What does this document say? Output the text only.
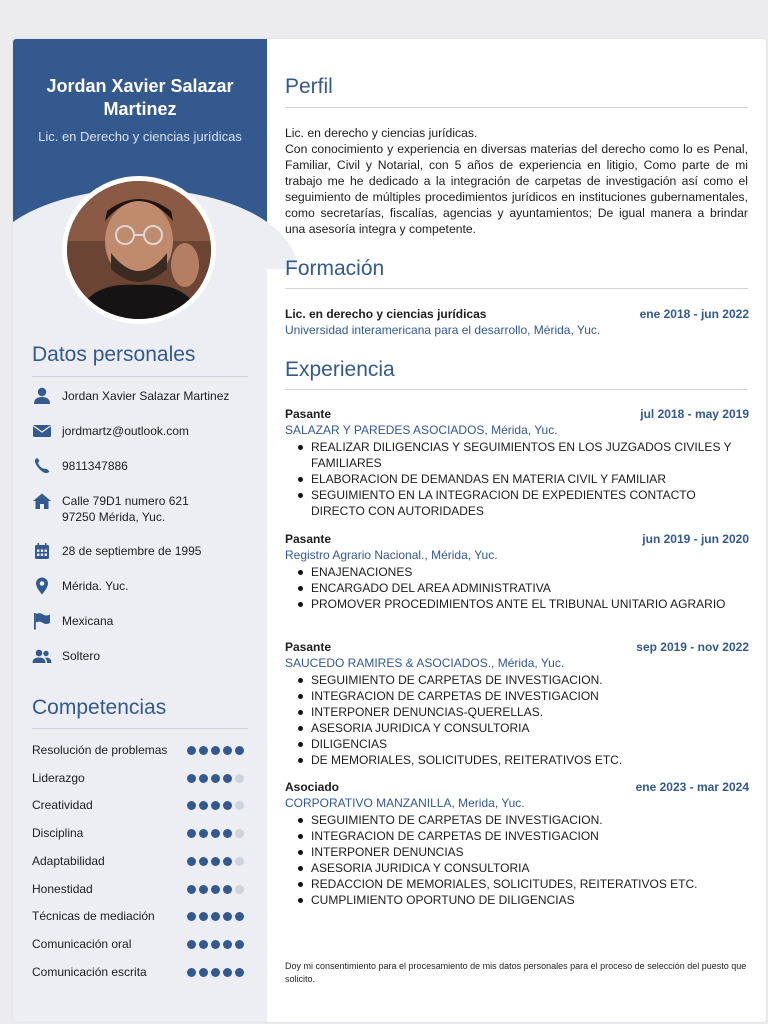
Jordan Xavier Salazar Martinez
Lic. en Derecho y ciencias jurídicas
Datos personales
Jordan Xavier Salazar Martinez
jordmartz@outlook.com
9811347886
Calle 79D1 numero 621
97250 Mérida, Yuc.
28 de septiembre de 1995
Mérida. Yuc.
Mexicana
Soltero
Competencias
Resolución de problemas
Liderazgo
Creatividad
Disciplina
Adaptabilidad
Honestidad
Técnicas de mediación
Comunicación oral
Comunicación escrita
Perfil
Lic. en derecho y ciencias jurídicas.
Con conocimiento y experiencia en diversas materias del derecho como lo es Penal, Familiar, Civil y Notarial, con 5 años de experiencia en litigio, Como parte de mi trabajo me he dedicado a la integración de carpetas de investigación así como el seguimiento de múltiples procedimientos jurídicos en instituciones gubernamentales, como secretarías, fiscalías, agencias y ayuntamientos; De igual manera a brindar una asesoría integra y competente.
Formación
Lic. en derecho y ciencias jurídicas	ene 2018 - jun 2022
Universidad interamericana para el desarrollo, Mérida, Yuc.
Experiencia
Pasante	jul 2018 - may 2019
SALAZAR Y PAREDES ASOCIADOS, Mérida, Yuc.
REALIZAR DILIGENCIAS Y SEGUIMIENTOS EN LOS JUZGADOS CIVILES Y FAMILIARES
ELABORACION DE DEMANDAS EN MATERIA CIVIL Y FAMILIAR
SEGUIMIENTO EN LA INTEGRACION DE EXPEDIENTES CONTACTO DIRECTO CON AUTORIDADES
Pasante	jun 2019 - jun 2020
Registro Agrario Nacional., Mérida, Yuc.
ENAJENACIONES
ENCARGADO DEL AREA ADMINISTRATIVA
PROMOVER PROCEDIMIENTOS ANTE EL TRIBUNAL UNITARIO AGRARIO
Pasante	sep 2019 - nov 2022
SAUCEDO RAMIRES & ASOCIADOS., Mérida, Yuc.
SEGUIMIENTO DE CARPETAS DE INVESTIGACION.
INTEGRACION DE CARPETAS DE INVESTIGACION
INTERPONER DENUNCIAS-QUERELLAS.
ASESORIA JURIDICA Y CONSULTORIA
DILIGENCIAS
DE MEMORIALES, SOLICITUDES, REITERATIVOS ETC.
Asociado	ene 2023 - mar 2024
CORPORATIVO MANZANILLA, Merida, Yuc.
SEGUIMIENTO DE CARPETAS DE INVESTIGACION.
INTEGRACION DE CARPETAS DE INVESTIGACION
INTERPONER DENUNCIAS
ASESORIA JURIDICA Y CONSULTORIA
REDACCION DE MEMORIALES, SOLICITUDES, REITERATIVOS ETC.
CUMPLIMIENTO OPORTUNO DE DILIGENCIAS
Doy mi consentimiento para el procesamiento de mis datos personales para el proceso de selección del puesto que solicito.
